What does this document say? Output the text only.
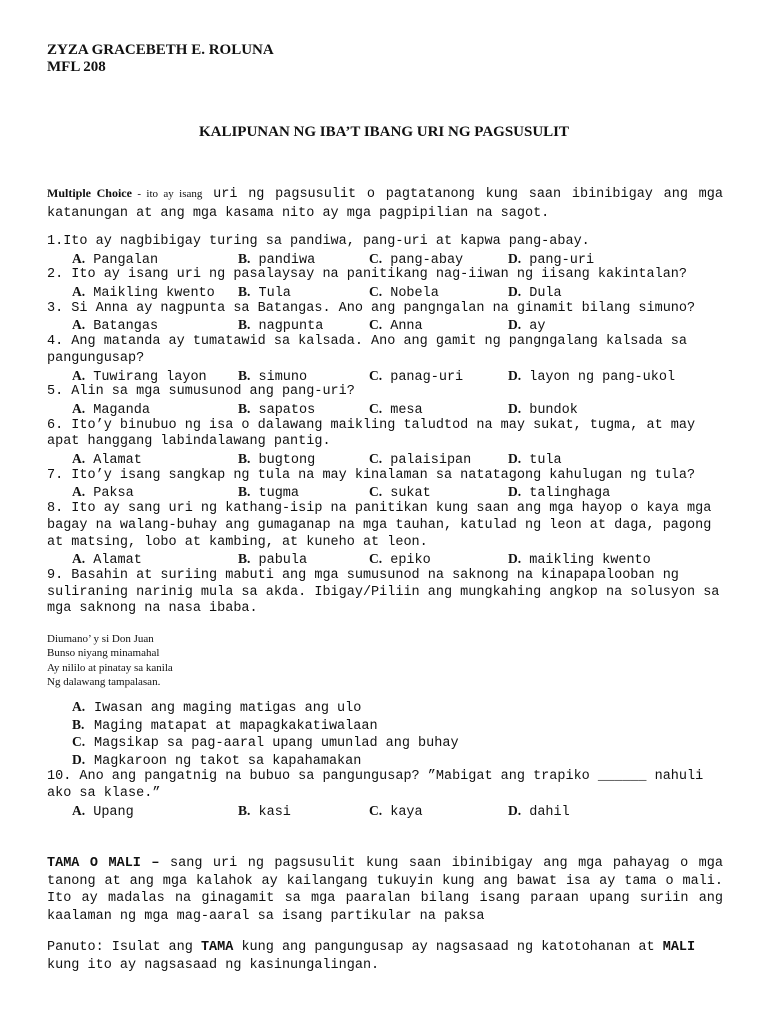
ZYZA GRACEBETH E. ROLUNA
MFL 208
KALIPUNAN NG IBA’T IBANG URI NG PAGSUSULIT
Multiple Choice - ito ay isang uri ng pagsusulit o pagtatanong kung saan ibinibigay ang mga katanungan at ang mga kasama nito ay mga pagpipilian na sagot.
1.Ito ay nagbibigay turing sa pandiwa, pang-uri at kapwa pang-abay.
A. Pangalan	B. pandiwa	C. pang-abay	D. pang-uri
2. Ito ay isang uri ng pasalaysay na panitikang nag-iiwan ng iisang kakintalan?
A. Maikling kwento	B. Tula	C. Nobela	D. Dula
3. Si Anna ay nagpunta sa Batangas. Ano ang pangngalan na ginamit bilang simuno?
A. Batangas	B. nagpunta	C. Anna	D. ay
4. Ang matanda ay tumatawid sa kalsada. Ano ang gamit ng pangngalang kalsada sa pangungusap?
A. Tuwirang layon	B. simuno	C. panag-uri	D. layon ng pang-ukol
5. Alin sa mga sumusunod ang pang-uri?
A. Maganda	B. sapatos	C. mesa	D. bundok
6. Ito’y binubuo ng isa o dalawang maikling taludtod na may sukat, tugma, at may apat hanggang labindalawang pantig.
A. Alamat	B. bugtong	C. palaisipan	D. tula
7. Ito’y isang sangkap ng tula na may kinalaman sa natatagong kahulugan ng tula?
A. Paksa	B. tugma	C. sukat	D. talinghaga
8. Ito ay sang uri ng kathang-isip na panitikan kung saan ang mga hayop o kaya mga bagay na walang-buhay ang gumaganap na mga tauhan, katulad ng leon at daga, pagong at matsing, lobo at kambing, at kuneho at leon.
A. Alamat	B. pabula	C. epiko	D. maikling kwento
9. Basahin at suriing mabuti ang mga sumusunod na saknong na kinapapalooban ng suliraning narinig mula sa akda. Ibigay/Piliin ang mungkahing angkop na solusyon sa mga saknong na nasa ibaba.
Diumano’ y si Don Juan
Bunso niyang minamahal
Ay nililo at pinatay sa kanila
Ng dalawang tampalasan.
A. Iwasan ang maging matigas ang ulo
B. Maging matapat at mapagkakatiwalaan
C. Magsikap sa pag-aaral upang umunlad ang buhay
D. Magkaroon ng takot sa kapahamakan
10. Ano ang pangatnig na bubuo sa pangungusap? ”Mabigat ang trapiko ______ nahuli ako sa klase.”
A. Upang	B. kasi	C. kaya	D. dahil
TAMA O MALI – sang uri ng pagsusulit kung saan ibinibigay ang mga pahayag o mga tanong at ang mga kalahok ay kailangang tukuyin kung ang bawat isa ay tama o mali. Ito ay madalas na ginagamit sa mga paaralan bilang isang paraan upang suriin ang kaalaman ng mga mag-aaral sa isang partikular na paksa
Panuto: Isulat ang TAMA kung ang pangungusap ay nagsasaad ng katotohanan at MALI kung ito ay nagsasaad ng kasinungalingan.
